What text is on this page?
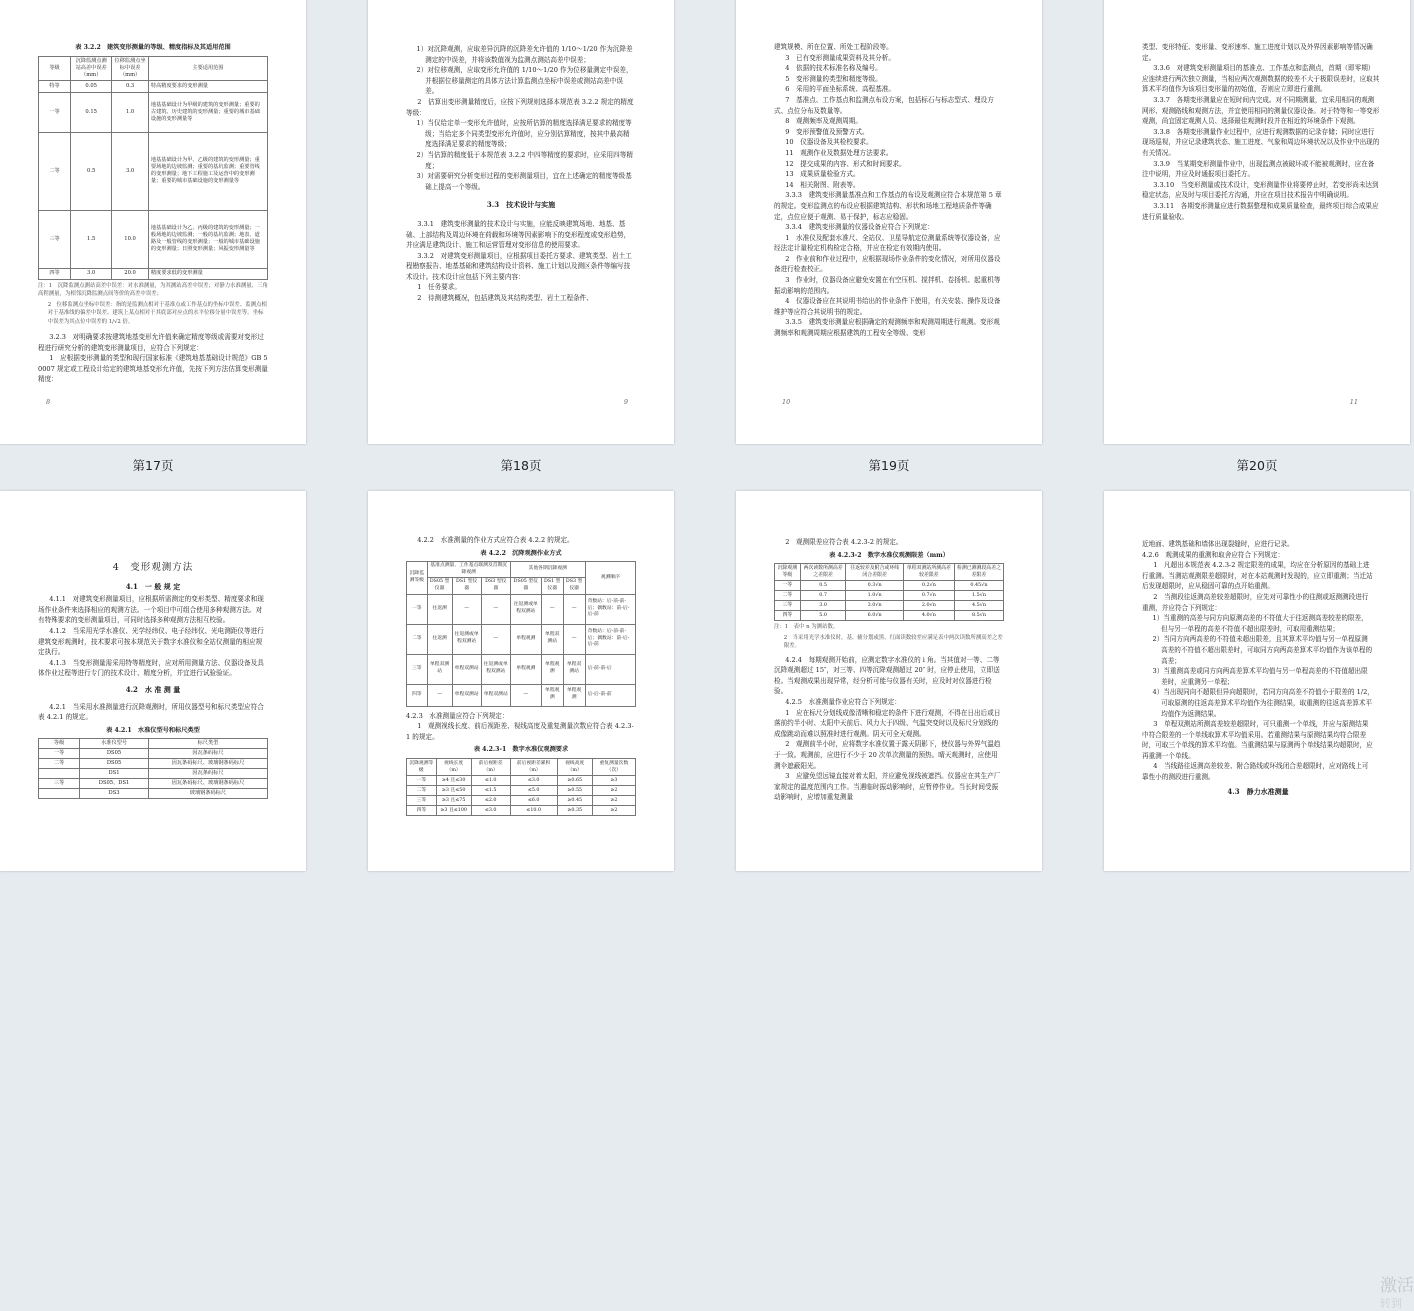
表 3.2.2　建筑变形测量的等级、精度指标及其适用范围
等级	沉降监测点测站高差中误差（mm）	位移监测点坐标中误差（mm）	主要适用范围
特等	0.05	0.3	特高精度要求的变形测量
一等	0.15	1.0	地基基础设计为甲级的建筑的变形测量；重要的古建筑、历史建筑的变形测量；重要的城市基础设施的变形测量等
二等	0.5	3.0	地基基础设计为甲、乙级的建筑的变形测量；重要场地的边坡监测；重要的基坑监测；重要管线的变形测量；地下工程施工及运营中的变形测量；重要的城市基础设施的变形测量等
三等	1.5	10.0	地基基础设计为乙、丙级的建筑的变形测量；一般场地的边坡监测；一般的基坑监测；地表、道路及一般管线的变形测量；一般的城市基础设施的变形测量；日照变形测量；风振变形测量等
四等	3.0	20.0	精度要求低的变形测量

注：1　沉降监测点测站高差中误差：对水准测量，为其测站高差中误差；对静力水准测量、三角高程测量，为相邻沉降监测点间等价的高差中误差；

2　位移监测点坐标中误差：指的是监测点相对于基准点或工作基点的坐标中误差、监测点相对于基准线的偏差中误差、建筑上某点相对于其底部对应点的水平位移分量中误差等。坐标中误差为其点位中误差的 1/√2 倍。

3.2.3　对明确要求按建筑地基变形允许值来确定精度等级或需要对变形过程进行研究分析的建筑变形测量项目，应符合下列规定：

1　应根据变形测量的类型和现行国家标准《建筑地基基础设计规范》GB 50007 规定或工程设计给定的建筑地基变形允许值，先按下列方法估算变形测量精度：

8
第17页

1）对沉降观测，应取差异沉降的沉降差允许值的 1/10～1/20 作为沉降差测定的中误差，并将该数值视为监测点测站高差中误差；

2）对位移观测，应取变形允许值的 1/10～1/20 作为位移量测定中误差，并根据位移量测定的具体方法计算监测点坐标中误差或测站高差中误差。

2　估算出变形测量精度后，应按下列规则选择本规范表 3.2.2 规定的精度等级：

1）当仅给定单一变形允许值时，应按所估算的精度选择满足要求的精度等级；当给定多个同类型变形允许值时，应分别估算精度，按其中最高精度选择满足要求的精度等级；

2）当估算的精度低于本规范表 3.2.2 中四等精度的要求时，应采用四等精度；

3）对需要研究分析变形过程的变形测量项目，宜在上述确定的精度等级基础上提高一个等级。

3.3　技术设计与实施

3.3.1　建筑变形测量的技术设计与实施，应能反映建筑场地、地基、基础、上部结构及周边环境在荷载和环境等因素影响下的变形程度或变形趋势，并应满足建筑设计、施工和运营管理对变形信息的使用要求。

3.3.2　对建筑变形测量项目，应根据项目委托方要求、建筑类型、岩土工程勘察报告、地基基础和建筑结构设计资料、施工计划以及测区条件等编写技术设计。技术设计应包括下列主要内容：

1　任务要求。

2　待测建筑概况，包括建筑及其结构类型、岩土工程条件、

9
第18页

建筑规模、所在位置、所处工程阶段等。

3　已有变形测量成果资料及其分析。

4　依据的技术标准名称及编号。

5　变形测量的类型和精度等级。

6　采用的平面坐标系统、高程基准。

7　基准点、工作基点和监测点布设方案，包括标石与标志型式、埋设方式、点位分布及数量等。

8　观测频率及观测周期。

9　变形预警值及预警方式。

10　仪器设备及其检校要求。

11　观测作业及数据处理方法要求。

12　提交成果的内容、形式和时间要求。

13　成果质量检验方式。

14　相关附图、附表等。

3.3.3　建筑变形测量基准点和工作基点的布设及观测应符合本规范第 5 章的规定。变形监测点的布设应根据建筑结构、形状和场地工程地质条件等确定，点位应便于观测、易于保护，标志应稳固。

3.3.4　建筑变形测量的仪器设备应符合下列规定：

1　水准仪及配套水准尺、全站仪、卫星导航定位测量系统等仪器设备，应经法定计量检定机构检定合格，并应在检定有效期内使用。

2　作业前和作业过程中，应根据现场作业条件的变化情况，对所用仪器设备进行检查校正。

3　作业时，仪器设备应避免安置在有空压机、搅拌机、卷扬机、起重机等振动影响的范围内。

4　仪器设备应在其说明书给出的作业条件下使用，有关安装、操作及设备维护等应符合其说明书的规定。

3.3.5　建筑变形测量应根据确定的观测频率和观测周期进行观测。变形观测频率和观测周期应根据建筑的工程安全等级、变形

10
第19页

类型、变形特征、变形量、变形速率、施工进度计划以及外界因素影响等情况确定。

3.3.6　对建筑变形测量项目的基准点、工作基点和监测点，首期（即零期）应连续进行两次独立测量，当相应两次观测数据的较差不大于极限误差时，应取其算术平均值作为该项目变形量的初始值，否则应立即进行重测。

3.3.7　各期变形测量应在短时间内完成。对不同期测量，宜采用相同的观测网形、观测路线和观测方法，并宜使用相同的测量仪器设备。对于特等和一等变形观测，尚宜固定观测人员、选择最佳观测时段并在相近的环境条件下观测。

3.3.8　各期变形测量作业过程中，应进行观测数据的记录存储；同时应进行现场巡视，并应记录建筑状态、施工进度、气象和周边环境状况以及作业中出现的有关情况。

3.3.9　当某期变形测量作业中，出现监测点被破坏或不能被观测时，应在备注中说明，并应及时通报项目委托方。

3.3.10　当变形测量或技术设计，变形测量作业将要停止时，若变形尚未达到稳定状态，应及时与项目委托方沟通，并应在项目技术报告中明确说明。

3.3.11　各期变形测量应进行数据整理和成果质量检查，最终项目综合成果应进行质量验收。

11
第20页
4　变形观测方法
4.1　一 般 规 定

4.1.1　对建筑变形测量项目，应根据所需测定的变形类型、精度要求和现场作业条件来选择相应的观测方法。一个项目中可组合使用多种观测方法。对有特殊要求的变形测量项目，可同时选择多种观测方法相互校验。

4.1.2　当采用光学水准仪、光学经纬仪、电子经纬仪、光电测距仪等进行建筑变形观测时，技术要求可按本规范关于数字水准仪和全站仪测量的相应规定执行。

4.1.3　当变形测量需采用特等精度时，应对所用测量方法、仪器设备及具体作业过程等进行专门的技术设计、精度分析，并宜进行试验验证。

4.2　水 准 测 量

4.2.1　当采用水准测量进行沉降观测时，所用仪器型号和标尺类型应符合表 4.2.1 的规定。

表 4.2.1　水准仪型号和标尺类型
等级	水准仪型号	标尺类型
一等	DS05	因瓦条码标尺
二等	DS05	因瓦条码标尺、玻璃钢条码标尺
	DS1	因瓦条码标尺
三等	DS05、DS1	因瓦条码标尺、玻璃钢条码标尺
	DS3	玻璃钢条码标尺

4.2.2　水准测量的作业方式应符合表 4.2.2 的规定。

表 4.2.2　沉降观测作业方式
沉降监测等级	基准点测量、工作基点联测及首期沉降观测			其他各期沉降观测			观测顺序
	DS05 型仪器	DS1 型仪器	DS3 型仪器	DS05 型仪器	DS1 型仪器	DS3 型仪器	
一等	往返测	—	—	往返测或单程双测站	—	—	奇数站：后-前-前-后；偶数站：前-后-后-前
二等	往返测	往返测或单程双测站	—	单程观测	单程双测站	—	奇数站：后-前-前-后；偶数站：前-后-后-前
三等	单程双测站	单程双测站	往返测或单程双测站	单程观测	单程观测	单程双测站	后-前-前-后
四等	—	单程双测站	单程双测站	—	单程观测	单程观测	后-后-前-前

4.2.3　水准测量应符合下列规定：

1　观测视线长度、前后视距差、视线高度及重复测量次数应符合表 4.2.3-1 的规定。

表 4.2.3-1　数字水准仪观测要求
沉降观测等级	视线长度（m）	前后视距差（m）	前后视距差累积（m）	视线高度（m）	重复测量次数（次）
一等	≥4 且≤30	≤1.0	≤3.0	≥0.65	≥3
二等	≥3 且≤50	≤1.5	≤5.0	≥0.55	≥2
三等	≥3 且≤75	≤2.0	≤6.0	≥0.45	≥2
四等	≥3 且≤100	≤3.0	≤10.0	≥0.35	≥2

2　观测限差应符合表 4.2.3-2 的规定。

表 4.2.3-2　数字水准仪观测限差（mm）
沉降观测等级	两次读数所测高差之差限差	往返较差及附合或环线闭合差限差	单程双测站所测高差较差限差	检测已测测段高差之差限差
一等	0.5	0.3√n	0.2√n	0.45√n
二等	0.7	1.0√n	0.7√n	1.5√n
三等	3.0	3.0√n	2.0√n	4.5√n
四等	5.0	6.0√n	4.0√n	8.5√n

注：1　表中 n 为测站数。

2　当采用光学水准仪时，基、辅分划或黑、红面读数较差应满足表中两次读数所测高差之差限差。

4.2.4　每期观测开始前，应测定数字水准仪的 i 角。当其值对一等、二等沉降观测超过 15″，对三等、四等沉降观测超过 20″ 时，应停止使用，立即送检。当观测成果出现异常，经分析可能与仪器有关时，应及时对仪器进行检验。

4.2.5　水准测量作业应符合下列规定：

1　应在标尺分划线成像清晰和稳定的条件下进行观测，不得在日出后或日落前约半小时、太阳中天前后、风力大于四级、气温突变时以及标尺分划线的成像跳动而难以照准时进行观测。阴天可全天观测。

2　观测前半小时，应将数字水准仪置于露天阴影下，使仪器与外界气温趋于一致。观测前，应进行不少于 20 次单次测量的预热。晴天观测时，应使用测伞遮蔽阳光。

3　应避免望远镜直接对着太阳，并应避免视线被遮挡。仪器应在其生产厂家规定的温度范围内工作。当遇临时振动影响时，应暂停作业。当长时间受振动影响时，应增加重复测量

近地面、建筑基础和墙体出现裂缝时，应进行记录。

4.2.6　观测成果的重测和取舍应符合下列规定：

1　凡超出本规范表 4.2.3-2 规定限差的成果，均应在分析原因的基础上进行重测。当测站观测限差超限时，对在本站观测时发现的，应立即重测；当迁站后发现超限时，应从稳固可靠的点开始重测。

2　当测段往返测高差较差超限时，应先对可靠性小的往测或返测测段进行重测，并应符合下列规定：

1）当重测的高差与同方向原测高差的不符值大于往返测高差较差的限差，但与另一单程的高差不符值不超出限差时，可取用重测结果；

2）当同方向两高差的不符值未超出限差，且其算术平均值与另一单程原测高差的不符值不超出限差时，可取同方向两高差算术平均值作为该单程的高差；

3）当重测高差或同方向两高差算术平均值与另一单程高差的不符值超出限差时，应重测另一单程；

4）当出现同向不超限但异向超限时，若同方向高差不符值小于限差的 1/2，可取原测的往返高差算术平均值作为往测结果，取重测的往返高差算术平均值作为返测结果。

3　单程双测站所测高差较差超限时，可只重测一个单线，并应与原测结果中符合限差的一个单线取算术平均值采用。若重测结果与原测结果均符合限差时，可取三个单线的算术平均值。当重测结果与原测两个单线结果均超限时，应再重测一个单线。

4　当线路往返测高差较差、附合路线或环线闭合差超限时，应对路线上可靠性小的测段进行重测。

4.3　静力水准测量
激活
转到
